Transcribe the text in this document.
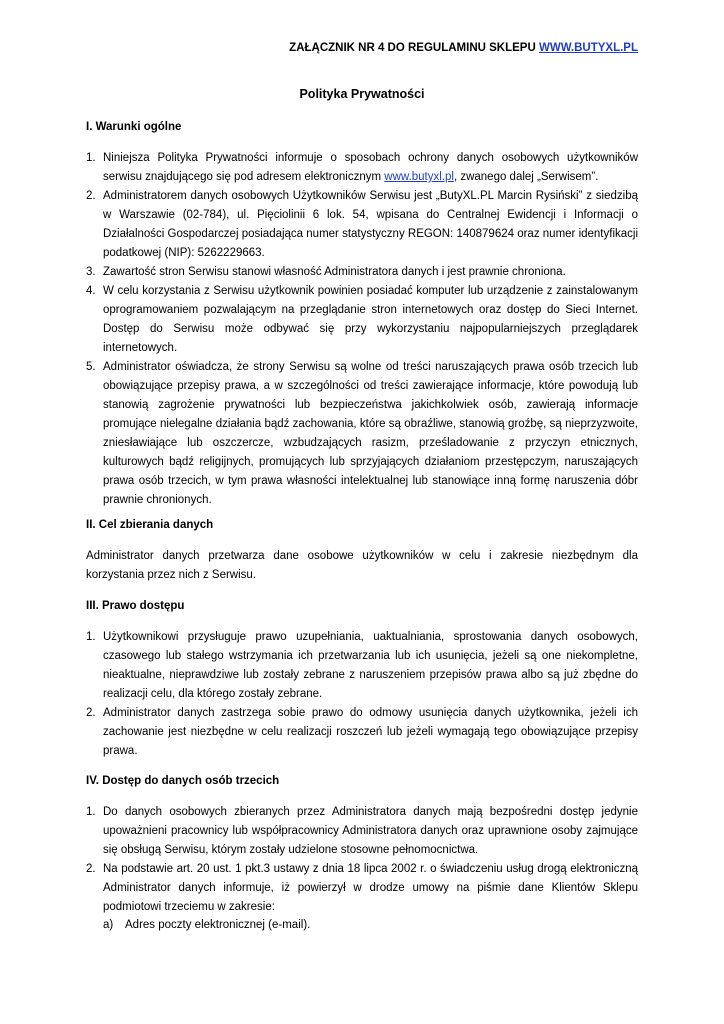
ZAŁĄCZNIK NR 4 DO REGULAMINU SKLEPU WWW.BUTYXL.PL
Polityka Prywatności
I. Warunki ogólne
1. Niniejsza Polityka Prywatności informuje o sposobach ochrony danych osobowych użytkowników serwisu znajdującego się pod adresem elektronicznym www.butyxl.pl, zwanego dalej „Serwisem”.
2. Administratorem danych osobowych Użytkowników Serwisu jest „ButyXL.PL Marcin Rysiński” z siedzibą w Warszawie (02-784), ul. Pięciolinii 6 lok. 54, wpisana do Centralnej Ewidencji i Informacji o Działalności Gospodarczej posiadająca numer statystyczny REGON: 140879624 oraz numer identyfikacji podatkowej (NIP): 5262229663.
3. Zawartość stron Serwisu stanowi własność Administratora danych i jest prawnie chroniona.
4. W celu korzystania z Serwisu użytkownik powinien posiadać komputer lub urządzenie z zainstalowanym oprogramowaniem pozwalającym na przeglądanie stron internetowych oraz dostęp do Sieci Internet. Dostęp do Serwisu może odbywać się przy wykorzystaniu najpopularniejszych przeglądarek internetowych.
5. Administrator oświadcza, że strony Serwisu są wolne od treści naruszających prawa osób trzecich lub obowiązujące przepisy prawa, a w szczególności od treści zawierające informacje, które powodują lub stanowią zagrożenie prywatności lub bezpieczeństwa jakichkolwiek osób, zawierają informacje promujące nielegalne działania bądź zachowania, które są obraźliwe, stanowią groźbę, są nieprzyzwoite, zniesławiające lub oszczercze, wzbudzających rasizm, prześladowanie z przyczyn etnicznych, kulturowych bądź religijnych, promujących lub sprzyjających działaniom przestępczym, naruszających prawa osób trzecich, w tym prawa własności intelektualnej lub stanowiące inną formę naruszenia dóbr prawnie chronionych.
II. Cel zbierania danych
Administrator danych przetwarza dane osobowe użytkowników w celu i zakresie niezbędnym dla korzystania przez nich z Serwisu.
III. Prawo dostępu
1. Użytkownikowi przysługuje prawo uzupełniania, uaktualniania, sprostowania danych osobowych, czasowego lub stałego wstrzymania ich przetwarzania lub ich usunięcia, jeżeli są one niekompletne, nieaktualne, nieprawdziwe lub zostały zebrane z naruszeniem przepisów prawa albo są już zbędne do realizacji celu, dla którego zostały zebrane.
2. Administrator danych zastrzega sobie prawo do odmowy usunięcia danych użytkownika, jeżeli ich zachowanie jest niezbędne w celu realizacji roszczeń lub jeżeli wymagają tego obowiązujące przepisy prawa.
IV. Dostęp do danych osób trzecich
1. Do danych osobowych zbieranych przez Administratora danych mają bezpośredni dostęp jedynie upoważnieni pracownicy lub współpracownicy Administratora danych oraz uprawnione osoby zajmujące się obsługą Serwisu, którym zostały udzielone stosowne pełnomocnictwa.
2. Na podstawie art. 20 ust. 1 pkt.3 ustawy z dnia 18 lipca 2002 r. o świadczeniu usług drogą elektroniczną Administrator danych informuje, iż powierzył w drodze umowy na piśmie dane Klientów Sklepu podmiotowi trzeciemu w zakresie:
a) Adres poczty elektronicznej (e-mail).
